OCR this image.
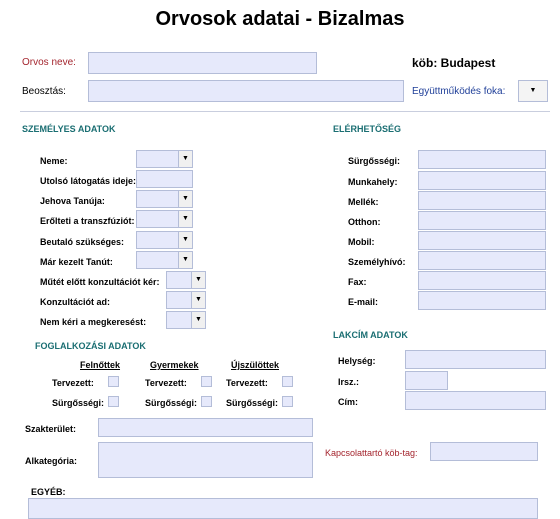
Orvosok adatai - Bizalmas
Orvos neve:	köb: Budapest
Beosztás:	Együttműködés foka:	▼
SZEMÉLYES ADATOK
Neme:	▼
Utolsó látogatás ideje:
Jehova Tanúja:	▼
Erőlteti a transzfúziót:	▼
Beutaló szükséges:	▼
Már kezelt Tanút:	▼
Műtét előtt konzultációt kér:	▼
Konzultációt ad:	▼
Nem kéri a megkeresést:	▼
ELÉRHETŐSÉG
Sürgősségi:
Munkahely:
Mellék:
Otthon:
Mobil:
Személyhívó:
Fax:
E-mail:
LAKCÍM ADATOK
Helység:
Irsz.:
Cím:
FOGLALKOZÁSI ADATOK
Felnőttek	Gyermekek	Újszülöttek
Tervezett:	Tervezett:	Tervezett:
Sürgősségi:	Sürgősségi:	Sürgősségi:
Szakterület:
Alkategória:
Kapcsolattartó köb-tag:
EGYÉB:
